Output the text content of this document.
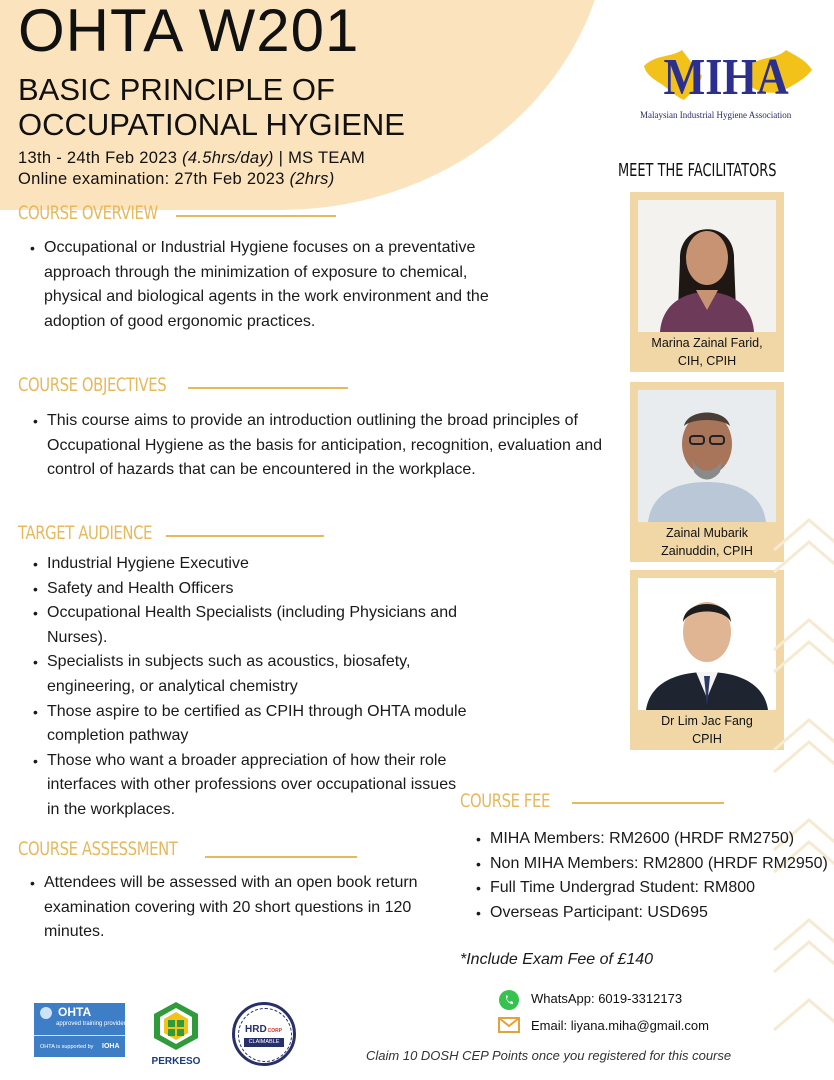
OHTA W201
BASIC PRINCIPLE OF
OCCUPATIONAL HYGIENE
13th - 24th Feb 2023 (4.5hrs/day) | MS TEAM
Online examination: 27th Feb 2023 (2hrs)
MIHA
Malaysian Industrial Hygiene Association
MEET THE FACILITATORS
Marina Zainal Farid,
CIH, CPIH
Zainal Mubarik
Zainuddin, CPIH
Dr Lim Jac Fang
CPIH
COURSE OVERVIEW
• Occupational or Industrial Hygiene focuses on a preventative approach through the minimization of exposure to chemical, physical and biological agents in the work environment and the adoption of good ergonomic practices.
COURSE OBJECTIVES
• This course aims to provide an introduction outlining the broad principles of Occupational Hygiene as the basis for anticipation, recognition, evaluation and control of hazards that can be encountered in the workplace.
TARGET AUDIENCE
• Industrial Hygiene Executive
• Safety and Health Officers
• Occupational Health Specialists (including Physicians and Nurses).
• Specialists in subjects such as acoustics, biosafety, engineering, or analytical chemistry
• Those aspire to be certified as CPIH through OHTA module completion pathway
• Those who want a broader appreciation of how their role interfaces with other professions over occupational issues in the workplaces.
COURSE ASSESSMENT
• Attendees will be assessed with an open book return examination covering with 20 short questions in 120 minutes.
COURSE FEE
• MIHA Members: RM2600 (HRDF RM2750)
• Non MIHA Members: RM2800 (HRDF RM2950)
• Full Time Undergrad Student: RM800
• Overseas Participant: USD695
*Include Exam Fee of £140
WhatsApp: 6019-3312173
Email: liyana.miha@gmail.com
Claim 10 DOSH CEP Points once you registered for this course
OHTA
approved training provider
OHTA is supported by IOHA
PERKESO
HRDCORP
CLAIMABLE
